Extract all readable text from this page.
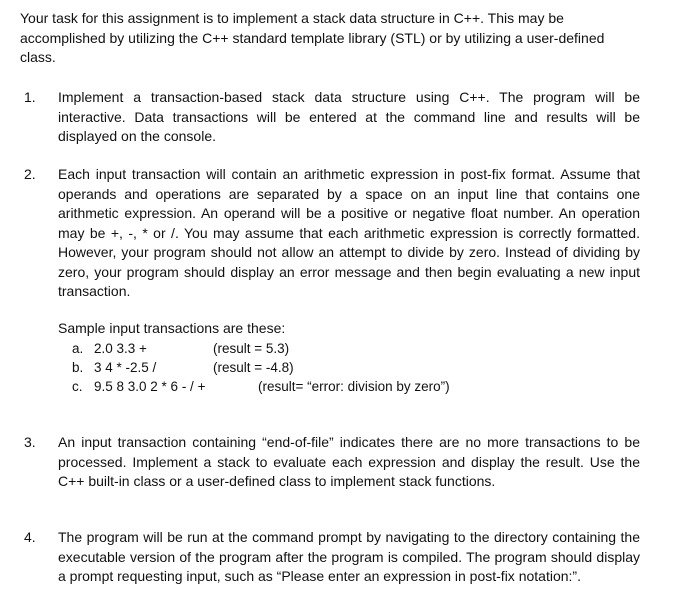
Your task for this assignment is to implement a stack data structure in C++. This may be accomplished by utilizing the C++ standard template library (STL) or by utilizing a user-defined class.
1. Implement a transaction-based stack data structure using C++. The program will be interactive. Data transactions will be entered at the command line and results will be displayed on the console.
2. Each input transaction will contain an arithmetic expression in post-fix format. Assume that operands and operations are separated by a space on an input line that contains one arithmetic expression. An operand will be a positive or negative float number. An operation may be +, -, * or /. You may assume that each arithmetic expression is correctly formatted. However, your program should not allow an attempt to divide by zero. Instead of dividing by zero, your program should display an error message and then begin evaluating a new input transaction.
Sample input transactions are these:
a. 2.0 3.3 +	(result = 5.3)
b. 3 4 * -2.5 /	(result = -4.8)
c. 9.5 8 3.0 2 * 6 - / +	(result= “error: division by zero”)
3. An input transaction containing “end-of-file” indicates there are no more transactions to be processed. Implement a stack to evaluate each expression and display the result. Use the C++ built-in class or a user-defined class to implement stack functions.
4. The program will be run at the command prompt by navigating to the directory containing the executable version of the program after the program is compiled. The program should display a prompt requesting input, such as “Please enter an expression in post-fix notation:”.
